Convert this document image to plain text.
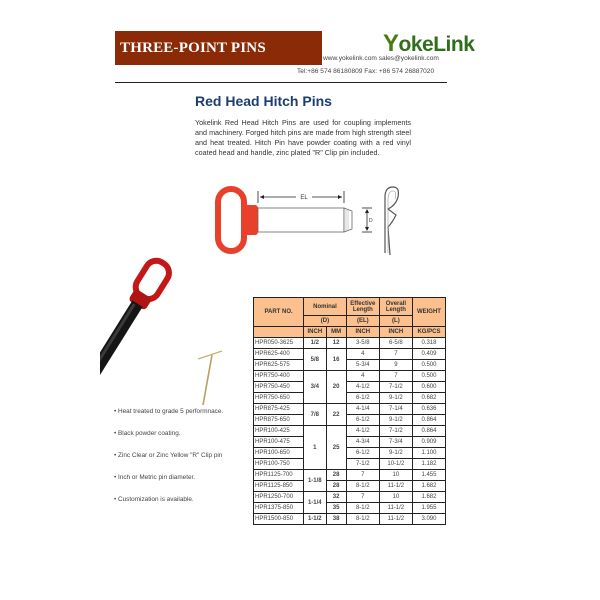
THREE-POINT PINS	YokeLink
www.yokelink.com sales@yokelink.com
Tel:+86 574 86180809 Fax: +86 574 26887020
Red Head Hitch Pins
Yokelink Red Head Hitch Pins are used for coupling implements and machinery. Forged hitch pins are made from high strength steel and heat treated. Hitch Pin have powder coating with a red vinyl coated head and handle, zinc plated "R" Clip pin included.
EL
D
• Heat treated to grade 5 performnace.
• Black powder coating.
• Zinc Clear or Zinc Yellow "R" Clip pin
• Inch or Metric pin diameter.
• Customization is available.
PART NO.	Nominal		Effective Length	Overall Length	WEIGHT
	(D)		(EL)	(L)	
	INCH	MM	INCH	INCH	KG/PCS
HPR050-3625	1/2	12	3-5/8	6-5/8	0.318
HPR625-400	5/8	16	4	7	0.409
HPR625-575			5-3/4	9	0.500
HPR750-400	3/4	20	4	7	0.500
HPR750-450			4-1/2	7-1/2	0.600
HPR750-650			6-1/2	9-1/2	0.682
HPR875-425	7/8	22	4-1/4	7-1/4	0.636
HPR875-650			6-1/2	9-1/2	0.864
HPR100-425	1	25	4-1/2	7-1/2	0.864
HPR100-475			4-3/4	7-3/4	0.909
HPR100-650			6-1/2	9-1/2	1.100
HPR100-750			7-1/2	10-1/2	1.182
HPR1125-700	1-1/8	28	7	10	1.455
HPR1125-850		28	8-1/2	11-1/2	1.682
HPR1250-700	1-1/4	32	7	10	1.682
HPR1375-850		35	8-1/2	11-1/2	1.955
HPR1500-850	1-1/2	38	8-1/2	11-1/2	3.090
